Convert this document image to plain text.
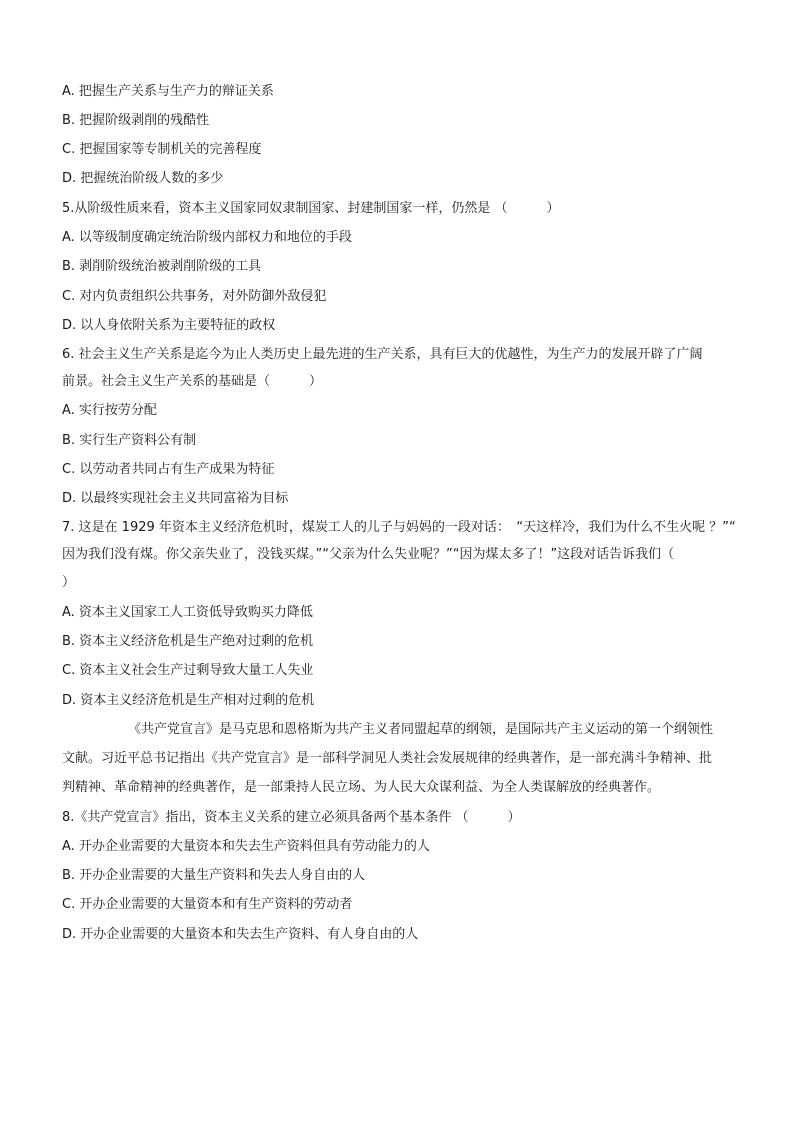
A. 把握生产关系与生产力的辩证关系
B. 把握阶级剥削的残酷性
C. 把握国家等专制机关的完善程度
D. 把握统治阶级人数的多少
5.从阶级性质来看，资本主义国家同奴隶制国家、封建制国家一样，仍然是 （　　　）
A. 以等级制度确定统治阶级内部权力和地位的手段
B. 剥削阶级统治被剥削阶级的工具
C. 对内负责组织公共事务，对外防御外敌侵犯
D. 以人身依附关系为主要特征的政权
6. 社会主义生产关系是迄今为止人类历史上最先进的生产关系，具有巨大的优越性，为生产力的发展开辟了广阔
前景。社会主义生产关系的基础是（　　　）
A. 实行按劳分配
B. 实行生产资料公有制
C. 以劳动者共同占有生产成果为特征
D. 以最终实现社会主义共同富裕为目标
7. 这是在 1929 年资本主义经济危机时，煤炭工人的儿子与妈妈的一段对话：　“天这样冷，我们为什么不生火呢 ？”“
因为我们没有煤。你父亲失业了，没钱买煤。”“父亲为什么失业呢？”“因为煤太多了！”这段对话告诉我们（
）
A. 资本主义国家工人工资低导致购买力降低
B. 资本主义经济危机是生产绝对过剩的危机
C. 资本主义社会生产过剩导致大量工人失业
D. 资本主义经济危机是生产相对过剩的危机
《共产党宣言》是马克思和恩格斯为共产主义者同盟起草的纲领，是国际共产主义运动的第一个纲领性
文献。习近平总书记指出《共产党宣言》是一部科学洞见人类社会发展规律的经典著作，是一部充满斗争精神、批
判精神、革命精神的经典著作，是一部秉持人民立场、为人民大众谋利益、为全人类谋解放的经典著作。
8.《共产党宣言》指出，资本主义关系的建立必须具备两个基本条件 （　　　）
A. 开办企业需要的大量资本和失去生产资料但具有劳动能力的人
B. 开办企业需要的大量生产资料和失去人身自由的人
C. 开办企业需要的大量资本和有生产资料的劳动者
D. 开办企业需要的大量资本和失去生产资料、有人身自由的人
